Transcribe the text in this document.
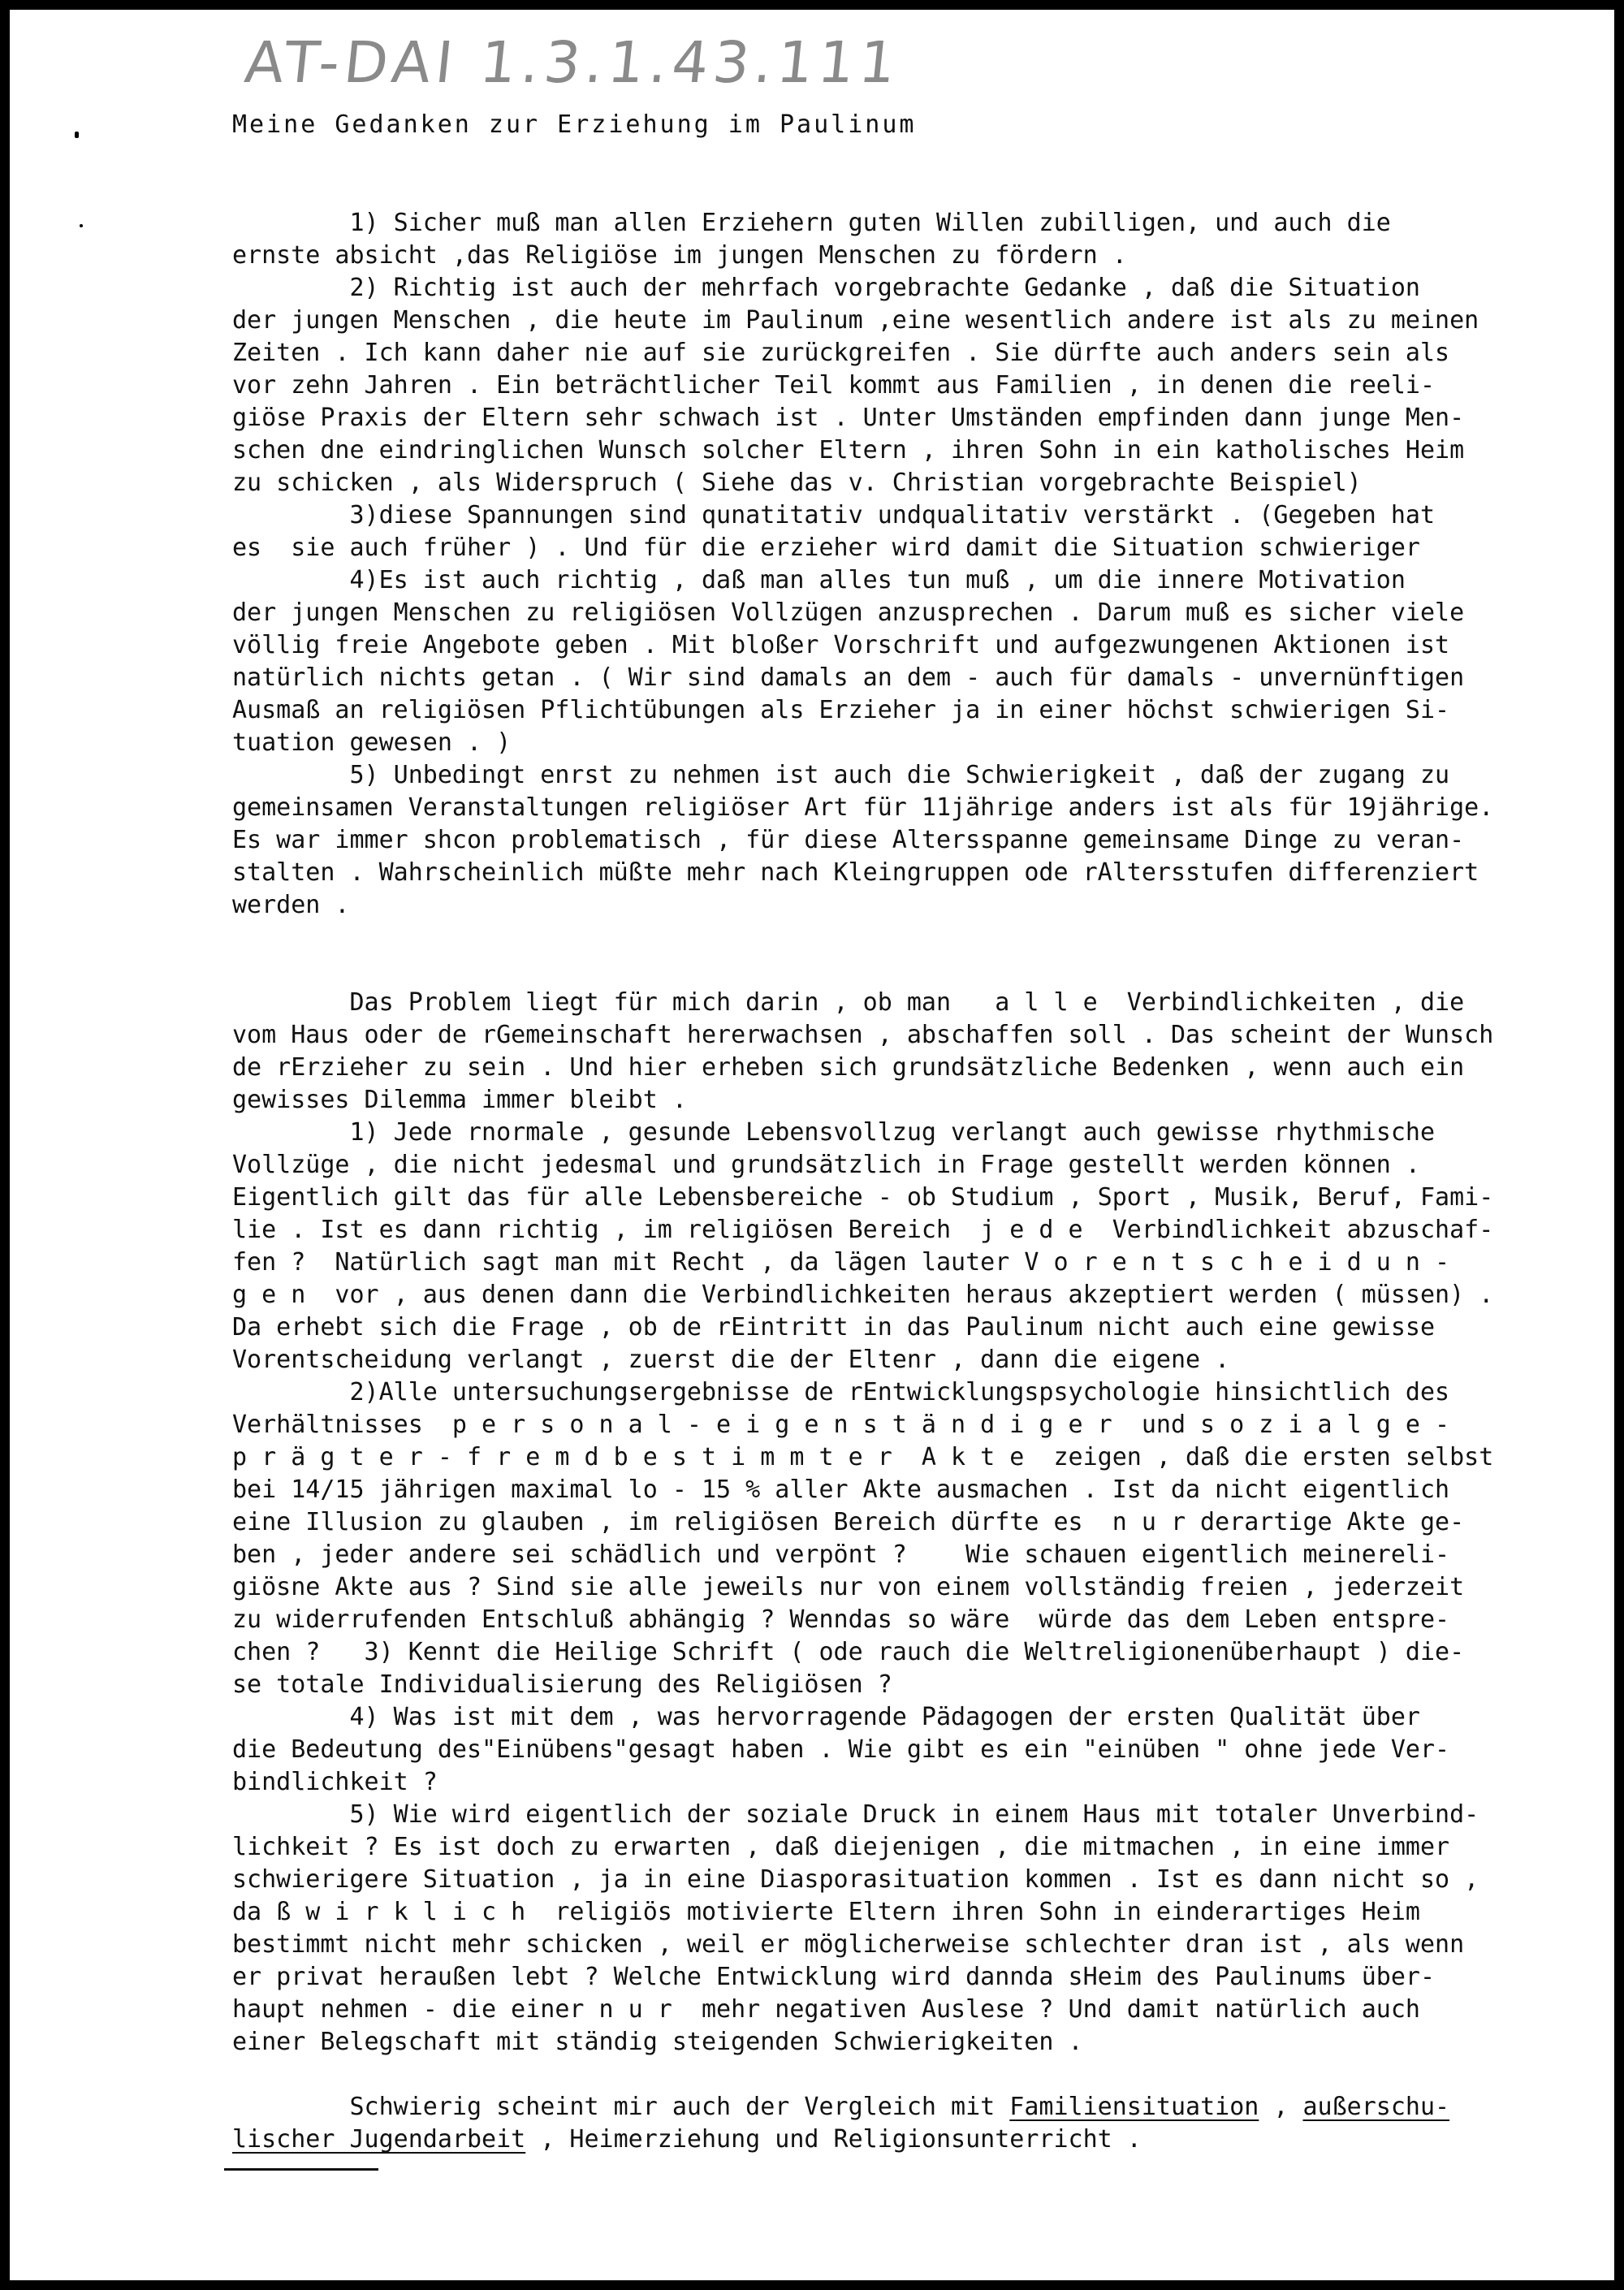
AT-DAI 1.3.1.43.111
Meine Gedanken zur Erziehung im Paulinum
1) Sicher muß man allen Erziehern guten Willen zubilligen, und auch die
ernste absicht ,das Religiöse im jungen Menschen zu fördern .
2) Richtig ist auch der mehrfach vorgebrachte Gedanke , daß die Situation
der jungen Menschen , die heute im Paulinum ,eine wesentlich andere ist als zu meinen
Zeiten . Ich kann daher nie auf sie zurückgreifen . Sie dürfte auch anders sein als
vor zehn Jahren . Ein beträchtlicher Teil kommt aus Familien , in denen die reeli-
giöse Praxis der Eltern sehr schwach ist . Unter Umständen empfinden dann junge Men-
schen dne eindringlichen Wunsch solcher Eltern , ihren Sohn in ein katholisches Heim
zu schicken , als Widerspruch ( Siehe das v. Christian vorgebrachte Beispiel)
3)diese Spannungen sind qunatitativ undqualitativ verstärkt . (Gegeben hat
es  sie auch früher ) . Und für die erzieher wird damit die Situation schwieriger
4)Es ist auch richtig , daß man alles tun muß , um die innere Motivation
der jungen Menschen zu religiösen Vollzügen anzusprechen . Darum muß es sicher viele
völlig freie Angebote geben . Mit bloßer Vorschrift und aufgezwungenen Aktionen ist
natürlich nichts getan . ( Wir sind damals an dem - auch für damals - unvernünftigen
Ausmaß an religiösen Pflichtübungen als Erzieher ja in einer höchst schwierigen Si-
tuation gewesen . )
5) Unbedingt enrst zu nehmen ist auch die Schwierigkeit , daß der zugang zu
gemeinsamen Veranstaltungen religiöser Art für 11jährige anders ist als für 19jährige.
Es war immer shcon problematisch , für diese Altersspanne gemeinsame Dinge zu veran-
stalten . Wahrscheinlich müßte mehr nach Kleingruppen ode rAltersstufen differenziert
werden .
Das Problem liegt für mich darin , ob man   a l l e  Verbindlichkeiten , die
vom Haus oder de rGemeinschaft hererwachsen , abschaffen soll . Das scheint der Wunsch
de rErzieher zu sein . Und hier erheben sich grundsätzliche Bedenken , wenn auch ein
gewisses Dilemma immer bleibt .
1) Jede rnormale , gesunde Lebensvollzug verlangt auch gewisse rhythmische
Vollzüge , die nicht jedesmal und grundsätzlich in Frage gestellt werden können .
Eigentlich gilt das für alle Lebensbereiche - ob Studium , Sport , Musik, Beruf, Fami-
lie . Ist es dann richtig , im religiösen Bereich  j e d e  Verbindlichkeit abzuschaf-
fen ?  Natürlich sagt man mit Recht , da lägen lauter V o r e n t s c h e i d u n -
g e n  vor , aus denen dann die Verbindlichkeiten heraus akzeptiert werden ( müssen) .
Da erhebt sich die Frage , ob de rEintritt in das Paulinum nicht auch eine gewisse
Vorentscheidung verlangt , zuerst die der Eltenr , dann die eigene .
2)Alle untersuchungsergebnisse de rEntwicklungspsychologie hinsichtlich des
Verhältnisses  p e r s o n a l - e i g e n s t ä n d i g e r  und s o z i a l g e -
p r ä g t e r - f r e m d b e s t i m m t e r  A k t e  zeigen , daß die ersten selbst
bei 14/15 jährigen maximal lo - 15 % aller Akte ausmachen . Ist da nicht eigentlich
eine Illusion zu glauben , im religiösen Bereich dürfte es  n u r derartige Akte ge-
ben , jeder andere sei schädlich und verpönt ?    Wie schauen eigentlich meinereli-
giösne Akte aus ? Sind sie alle jeweils nur von einem vollständig freien , jederzeit
zu widerrufenden Entschluß abhängig ? Wenndas so wäre  würde das dem Leben entspre-
chen ?   3) Kennt die Heilige Schrift ( ode rauch die Weltreligionenüberhaupt ) die-
se totale Individualisierung des Religiösen ?
4) Was ist mit dem , was hervorragende Pädagogen der ersten Qualität über
die Bedeutung des"Einübens"gesagt haben . Wie gibt es ein "einüben " ohne jede Ver-
bindlichkeit ?
5) Wie wird eigentlich der soziale Druck in einem Haus mit totaler Unverbind-
lichkeit ? Es ist doch zu erwarten , daß diejenigen , die mitmachen , in eine immer
schwierigere Situation , ja in eine Diasporasituation kommen . Ist es dann nicht so ,
da ß w i r k l i c h  religiös motivierte Eltern ihren Sohn in einderartiges Heim
bestimmt nicht mehr schicken , weil er möglicherweise schlechter dran ist , als wenn
er privat heraußen lebt ? Welche Entwicklung wird dannda sHeim des Paulinums über-
haupt nehmen - die einer n u r  mehr negativen Auslese ? Und damit natürlich auch
einer Belegschaft mit ständig steigenden Schwierigkeiten .
Schwierig scheint mir auch der Vergleich mit Familiensituation , außerschu-
lischer Jugendarbeit , Heimerziehung und Religionsunterricht .
